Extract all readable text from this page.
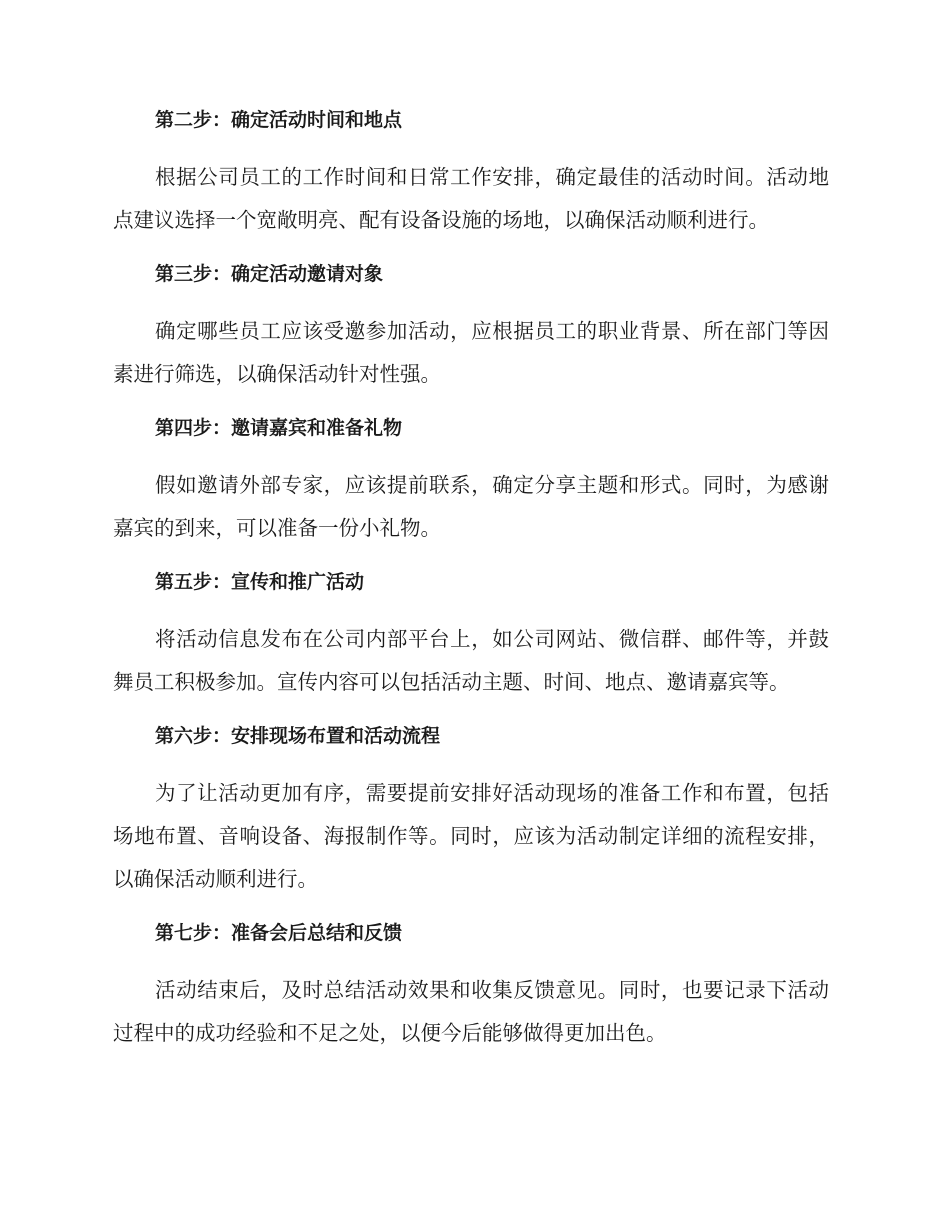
第二步：确定活动时间和地点
根据公司员工的工作时间和日常工作安排，确定最佳的活动时间。活动地点建议选择一个宽敞明亮、配有设备设施的场地，以确保活动顺利进行。
第三步：确定活动邀请对象
确定哪些员工应该受邀参加活动，应根据员工的职业背景、所在部门等因素进行筛选，以确保活动针对性强。
第四步：邀请嘉宾和准备礼物
假如邀请外部专家，应该提前联系，确定分享主题和形式。同时，为感谢嘉宾的到来，可以准备一份小礼物。
第五步：宣传和推广活动
将活动信息发布在公司内部平台上，如公司网站、微信群、邮件等，并鼓舞员工积极参加。宣传内容可以包括活动主题、时间、地点、邀请嘉宾等。
第六步：安排现场布置和活动流程
为了让活动更加有序，需要提前安排好活动现场的准备工作和布置，包括场地布置、音响设备、海报制作等。同时，应该为活动制定详细的流程安排，以确保活动顺利进行。
第七步：准备会后总结和反馈
活动结束后，及时总结活动效果和收集反馈意见。同时，也要记录下活动过程中的成功经验和不足之处，以便今后能够做得更加出色。
